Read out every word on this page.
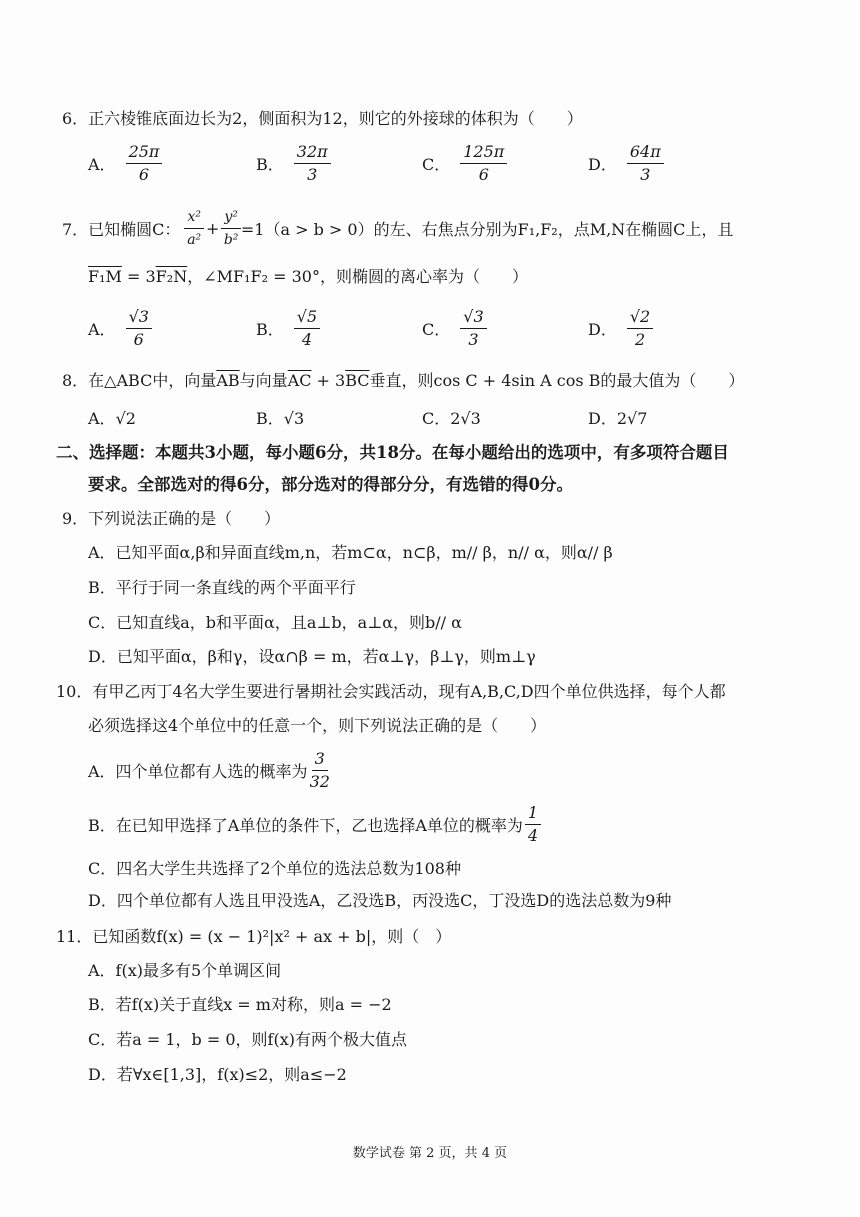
6．正六棱锥底面边长为2，侧面积为12，则它的外接球的体积为（　　）
A． $\frac{25\pi}{6}$	B． $\frac{32\pi}{3}$	C． $\frac{125\pi}{6}$	D． $\frac{64\pi}{3}$
7．已知椭圆C： $\frac{\text{x²}}{\text{a²}} + \frac{\text{y²}}{\text{b²}} =1(a > b > 0)$的左、右焦点分别为F₁,F₂，点M,N在椭圆C上，且
F₁M = 3F₂N，∠MF₁F₂ = 30°，则椭圆的离心率为（　　）
A． $\frac{√3}{6}$	B． $\frac{√5}{4}$	C． $\frac{√3}{3}$	D． $\frac{√2}{2}$
8．在△ABC中，向量$\overline{AB}$与向量$\overline{AC} + 3\overline{BC}$垂直，则cos C + 4sin A cos B的最大值为（　　）
A．√2	B．√3	C．2√3	D．2√7
二、选择题：本题共3小题，每小题6分，共18分。在每小题给出的选项中，有多项符合题目
要求。全部选对的得6分，部分选对的得部分分，有选错的得0分。
9．下列说法正确的是（　　）
A．已知平面α,β和异面直线m,n，若m⊂α，n⊂β，m// β，n// α，则α// β
B．平行于同一条直线的两个平面平行
C．已知直线a，b和平面α，且a⊥b，a⊥α，则b// α
D．已知平面α，β和γ，设α∩β = m，若α⊥γ，β⊥γ，则m⊥γ
10．有甲乙丙丁4名大学生要进行暑期社会实践活动，现有A,B,C,D四个单位供选择，每个人都
必须选择这4个单位中的任意一个，则下列说法正确的是（　　）
A．四个单位都有人选的概率为 $\frac{3}{32}$
B．在已知甲选择了A单位的条件下，乙也选择A单位的概率为 $\frac{1}{4}$
C．四名大学生共选择了2个单位的选法总数为108种
D．四个单位都有人选且甲没选A，乙没选B，丙没选C，丁没选D的选法总数为9种
11．已知函数f(x) = (x − 1)²|x² + ax + b|，则（　）
A．f(x)最多有5个单调区间
B．若f(x)关于直线x = m对称，则a = −2
C．若a = 1，b = 0，则f(x)有两个极大值点
D．若∀x∈[1,3]，f(x)≤2，则a≤−2
数学试卷 第 2 页，共 4 页
